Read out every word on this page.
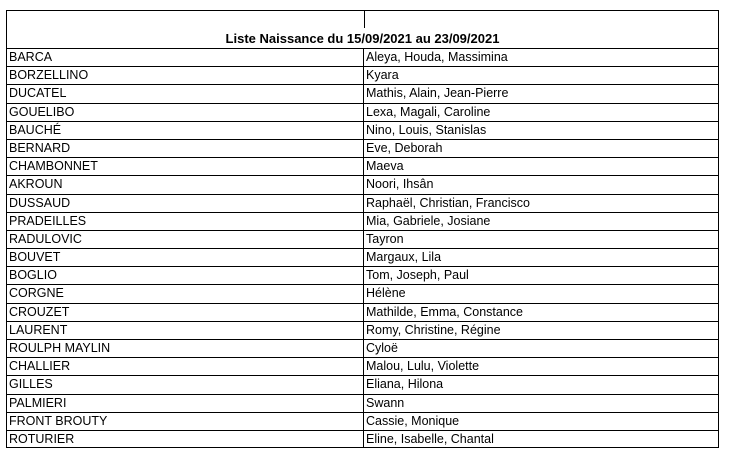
Liste Naissance du 15/09/2021 au 23/09/2021
BARCA	Aleya, Houda, Massimina
BORZELLINO	Kyara
DUCATEL	Mathis, Alain, Jean-Pierre
GOUELIBO	Lexa, Magali, Caroline
BAUCHÉ	Nino, Louis, Stanislas
BERNARD	Eve, Deborah
CHAMBONNET	Maeva
AKROUN	Noori, Ihsân
DUSSAUD	Raphaël, Christian, Francisco
PRADEILLES	Mia, Gabriele, Josiane
RADULOVIC	Tayron
BOUVET	Margaux, Lila
BOGLIO	Tom, Joseph, Paul
CORGNE	Hélène
CROUZET	Mathilde, Emma, Constance
LAURENT	Romy, Christine, Régine
ROULPH MAYLIN	Cyloë
CHALLIER	Malou, Lulu, Violette
GILLES	Eliana, Hilona
PALMIERI	Swann
FRONT BROUTY	Cassie, Monique
ROTURIER	Eline, Isabelle, Chantal
